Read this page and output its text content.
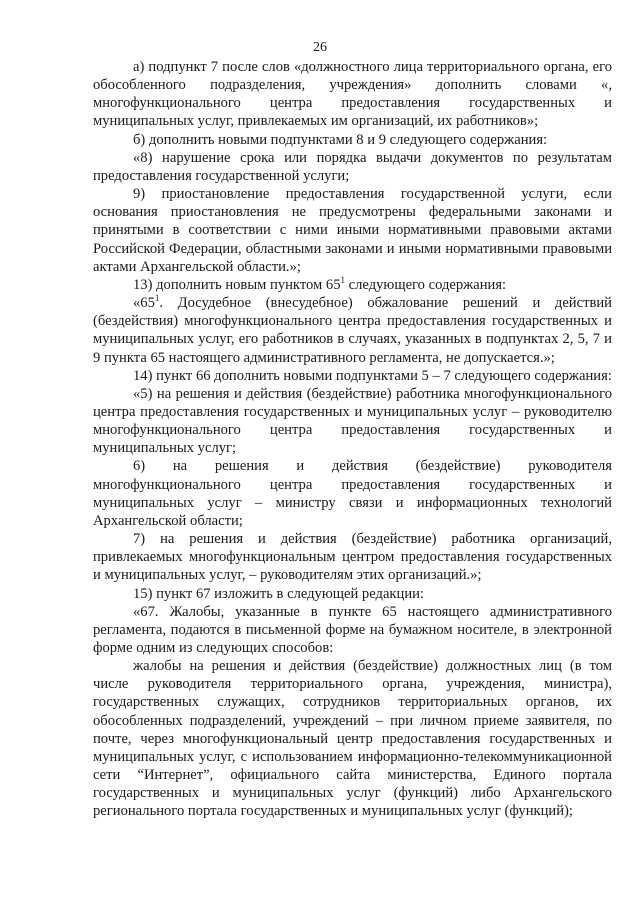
26

а) подпункт 7 после слов «должностного лица территориального органа, его обособленного подразделения, учреждения» дополнить словами «, многофункционального центра предоставления государственных и муниципальных услуг, привлекаемых им организаций, их работников»;

б) дополнить новыми подпунктами 8 и 9 следующего содержания:

«8) нарушение срока или порядка выдачи документов по результатам предоставления государственной услуги;

9) приостановление предоставления государственной услуги, если основания приостановления не предусмотрены федеральными законами и принятыми в соответствии с ними иными нормативными правовыми актами Российской Федерации, областными законами и иными нормативными правовыми актами Архангельской области.»;

13) дополнить новым пунктом $65^1$ следующего содержания:

«$65^1$. Досудебное (внесудебное) обжалование решений и действий (бездействия) многофункционального центра предоставления государственных и муниципальных услуг, его работников в случаях, указанных в подпунктах 2, 5, 7 и 9 пункта 65 настоящего административного регламента, не допускается.»;

14) пункт 66 дополнить новыми подпунктами 5 – 7 следующего содержания:

«5) на решения и действия (бездействие) работника многофункционального центра предоставления государственных и муниципальных услуг – руководителю многофункционального центра предоставления государственных и муниципальных услуг;

6) на решения и действия (бездействие) руководителя многофункционального центра предоставления государственных и муниципальных услуг – министру связи и информационных технологий Архангельской области;

7) на решения и действия (бездействие) работника организаций, привлекаемых многофункциональным центром предоставления государственных и муниципальных услуг, – руководителям этих организаций.»;

15) пункт 67 изложить в следующей редакции:

«67. Жалобы, указанные в пункте 65 настоящего административного регламента, подаются в письменной форме на бумажном носителе, в электронной форме одним из следующих способов:

жалобы на решения и действия (бездействие) должностных лиц (в том числе руководителя территориального органа, учреждения, министра), государственных служащих, сотрудников территориальных органов, их обособленных подразделений, учреждений – при личном приеме заявителя, по почте, через многофункциональный центр предоставления государственных и муниципальных услуг, с использованием информационно-телекоммуникационной сети “Интернет”, официального сайта министерства, Единого портала государственных и муниципальных услуг (функций) либо Архангельского регионального портала государственных и муниципальных услуг (функций);
